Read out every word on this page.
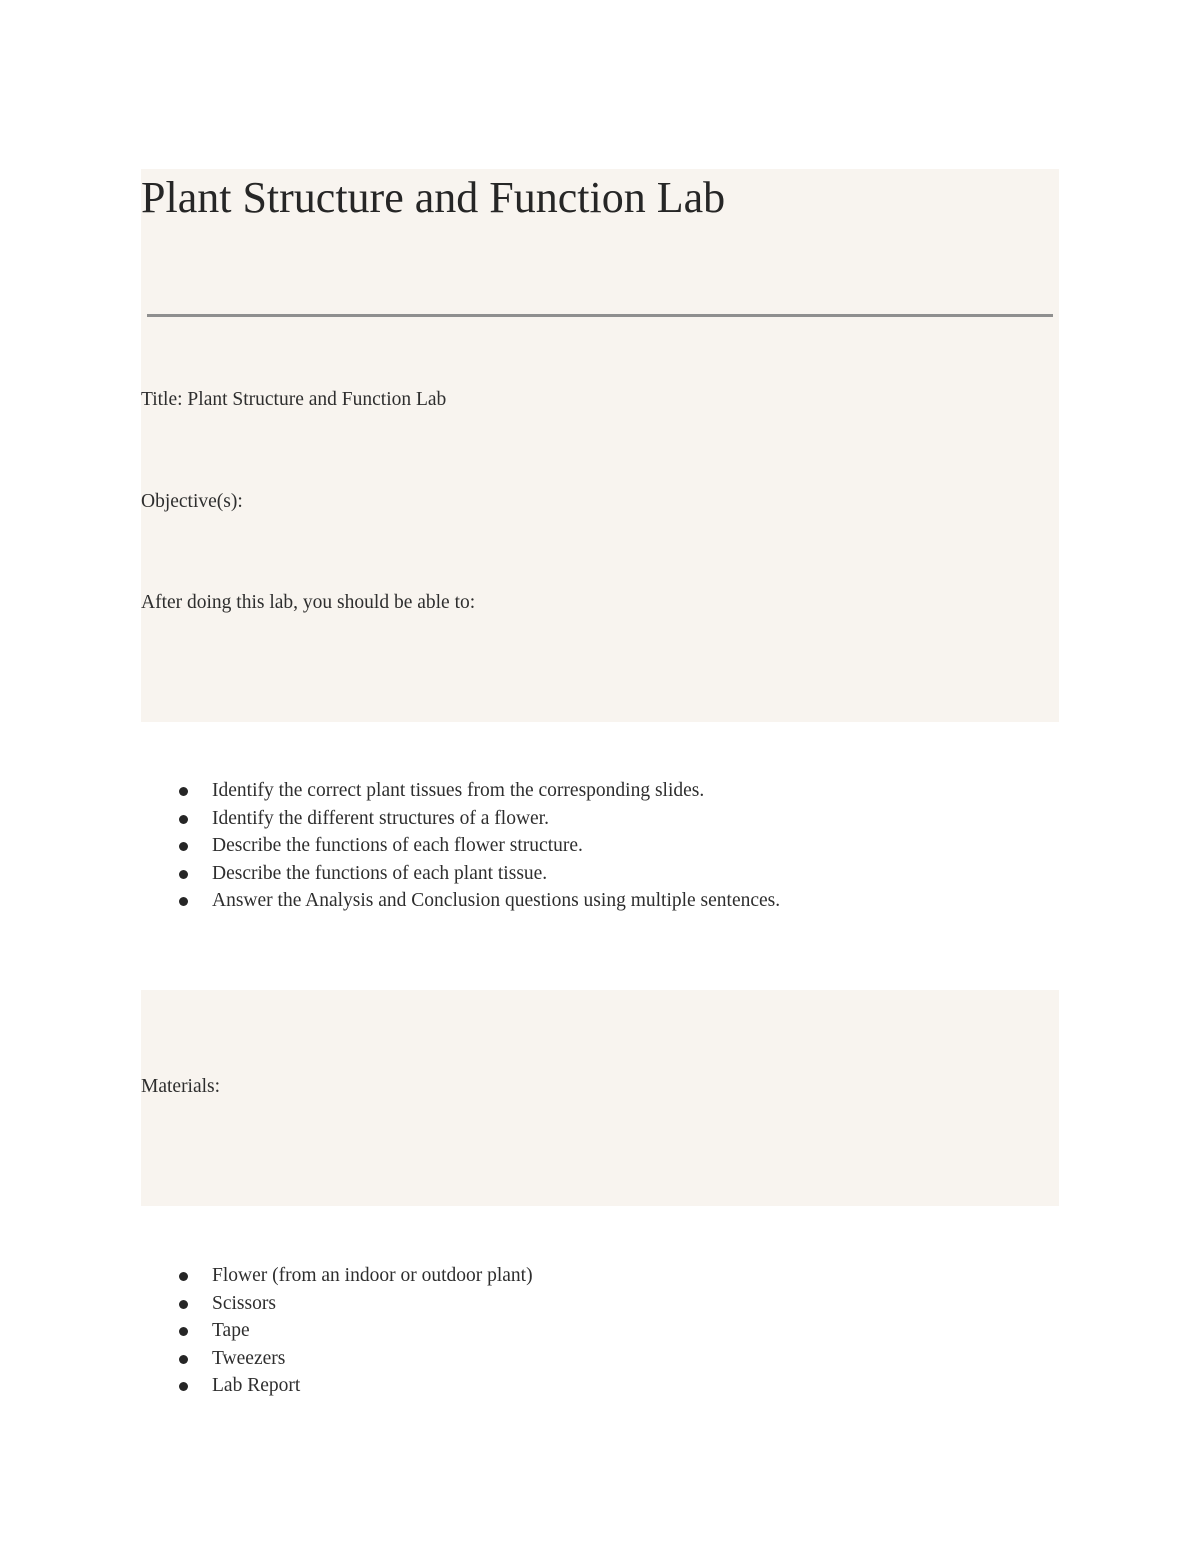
Plant Structure and Function Lab

Title: Plant Structure and Function Lab

Objective(s):

After doing this lab, you should be able to:

Identify the correct plant tissues from the corresponding slides.
Identify the different structures of a flower.
Describe the functions of each flower structure.
Describe the functions of each plant tissue.
Answer the Analysis and Conclusion questions using multiple sentences.

Materials:

Flower (from an indoor or outdoor plant)
Scissors
Tape
Tweezers
Lab Report
